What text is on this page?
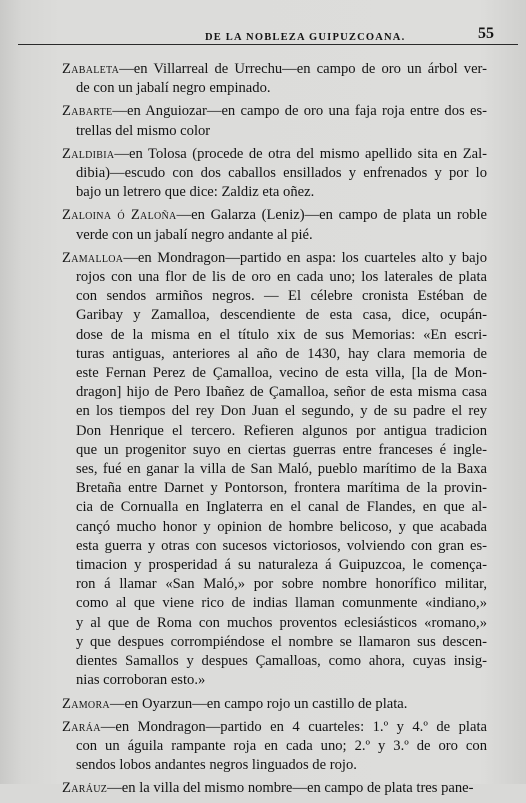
DE LA NOBLEZA GUIPUZCOANA.	55
Zabaleta—en Villarreal de Urrechu—en campo de oro un árbol ver-
de con un jabalí negro empinado.
Zabarte—en Anguiozar—en campo de oro una faja roja entre dos es-
trellas del mismo color
Zaldibia—en Tolosa (procede de otra del mismo apellido sita en Zal-
dibia)—escudo con dos caballos ensillados y enfrenados y por lo
bajo un letrero que dice: Zaldiz eta oñez.
Zaloina ó Zaloña—en Galarza (Leniz)—en campo de plata un roble
verde con un jabalí negro andante al pié.
Zamalloa—en Mondragon—partido en aspa: los cuarteles alto y bajo
rojos con una flor de lis de oro en cada uno; los laterales de plata
con sendos armiños negros. — El célebre cronista Estéban de
Garibay y Zamalloa, descendiente de esta casa, dice, ocupán-
dose de la misma en el título xix de sus Memorias: «En escri-
turas antiguas, anteriores al año de 1430, hay clara memoria de
este Fernan Perez de Çamalloa, vecino de esta villa, [la de Mon-
dragon] hijo de Pero Ibañez de Çamalloa, señor de esta misma casa
en los tiempos del rey Don Juan el segundo, y de su padre el rey
Don Henrique el tercero. Refieren algunos por antigua tradicion
que un progenitor suyo en ciertas guerras entre franceses é ingle-
ses, fué en ganar la villa de San Maló, pueblo marítimo de la Baxa
Bretaña entre Darnet y Pontorson, frontera marítima de la provin-
cia de Cornualla en Inglaterra en el canal de Flandes, en que al-
cançó mucho honor y opinion de hombre belicoso, y que acabada
esta guerra y otras con sucesos victoriosos, volviendo con gran es-
timacion y prosperidad á su naturaleza á Guipuzcoa, le comença-
ron á llamar «San Maló,» por sobre nombre honorífico militar,
como al que viene rico de indias llaman comunmente «indiano,»
y al que de Roma con muchos proventos eclesiásticos «romano,»
y que despues corrompiéndose el nombre se llamaron sus descen-
dientes Samallos y despues Çamalloas, como ahora, cuyas insig-
nias corroboran esto.»
Zamora—en Oyarzun—en campo rojo un castillo de plata.
Zaráa—en Mondragon—partido en 4 cuarteles: 1.º y 4.º de plata
con un águila rampante roja en cada uno; 2.º y 3.º de oro con
sendos lobos andantes negros linguados de rojo.
Zaráuz—en la villa del mismo nombre—en campo de plata tres pane-
